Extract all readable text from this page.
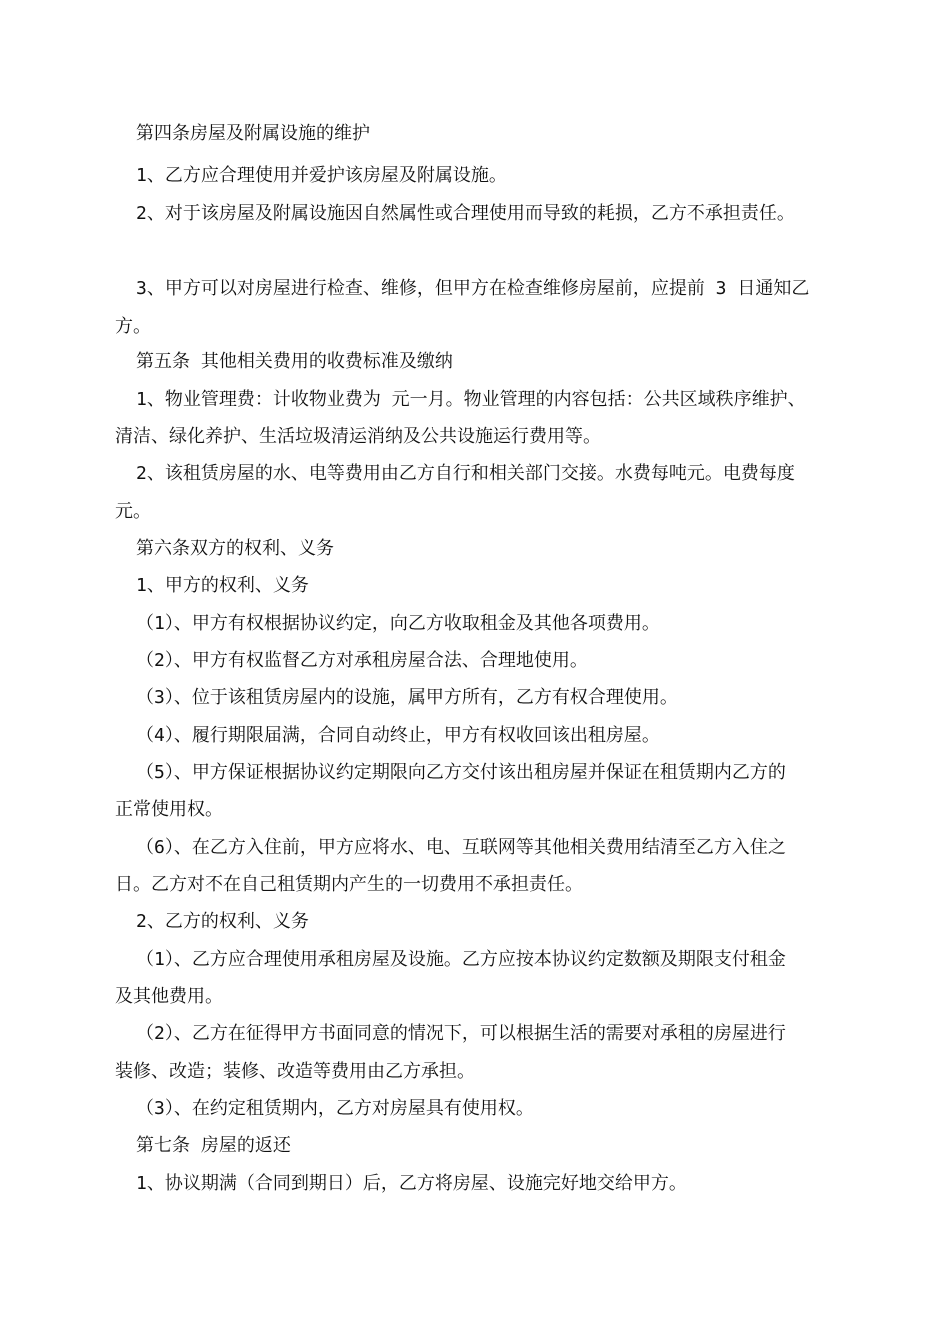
第四条房屋及附属设施的维护
1、乙方应合理使用并爱护该房屋及附属设施。
2、对于该房屋及附属设施因自然属性或合理使用而导致的耗损，乙方不承担责任。
3、甲方可以对房屋进行检查、维修，但甲方在检查维修房屋前，应提前 3 日通知乙
方。
第五条 其他相关费用的收费标准及缴纳
1、物业管理费：计收物业费为 元一月。物业管理的内容包括：公共区域秩序维护、
清洁、绿化养护、生活垃圾清运消纳及公共设施运行费用等。
2、该租赁房屋的水、电等费用由乙方自行和相关部门交接。水费每吨元。电费每度
元。
第六条双方的权利、义务
1、甲方的权利、义务
（1）、甲方有权根据协议约定，向乙方收取租金及其他各项费用。
（2）、甲方有权监督乙方对承租房屋合法、合理地使用。
（3）、位于该租赁房屋内的设施，属甲方所有，乙方有权合理使用。
（4）、履行期限届满，合同自动终止，甲方有权收回该出租房屋。
（5）、甲方保证根据协议约定期限向乙方交付该出租房屋并保证在租赁期内乙方的
正常使用权。
（6）、在乙方入住前，甲方应将水、电、互联网等其他相关费用结清至乙方入住之
日。乙方对不在自己租赁期内产生的一切费用不承担责任。
2、乙方的权利、义务
（1）、乙方应合理使用承租房屋及设施。乙方应按本协议约定数额及期限支付租金
及其他费用。
（2）、乙方在征得甲方书面同意的情况下，可以根据生活的需要对承租的房屋进行
装修、改造；装修、改造等费用由乙方承担。
（3）、在约定租赁期内，乙方对房屋具有使用权。
第七条 房屋的返还
1、协议期满（合同到期日）后，乙方将房屋、设施完好地交给甲方。
